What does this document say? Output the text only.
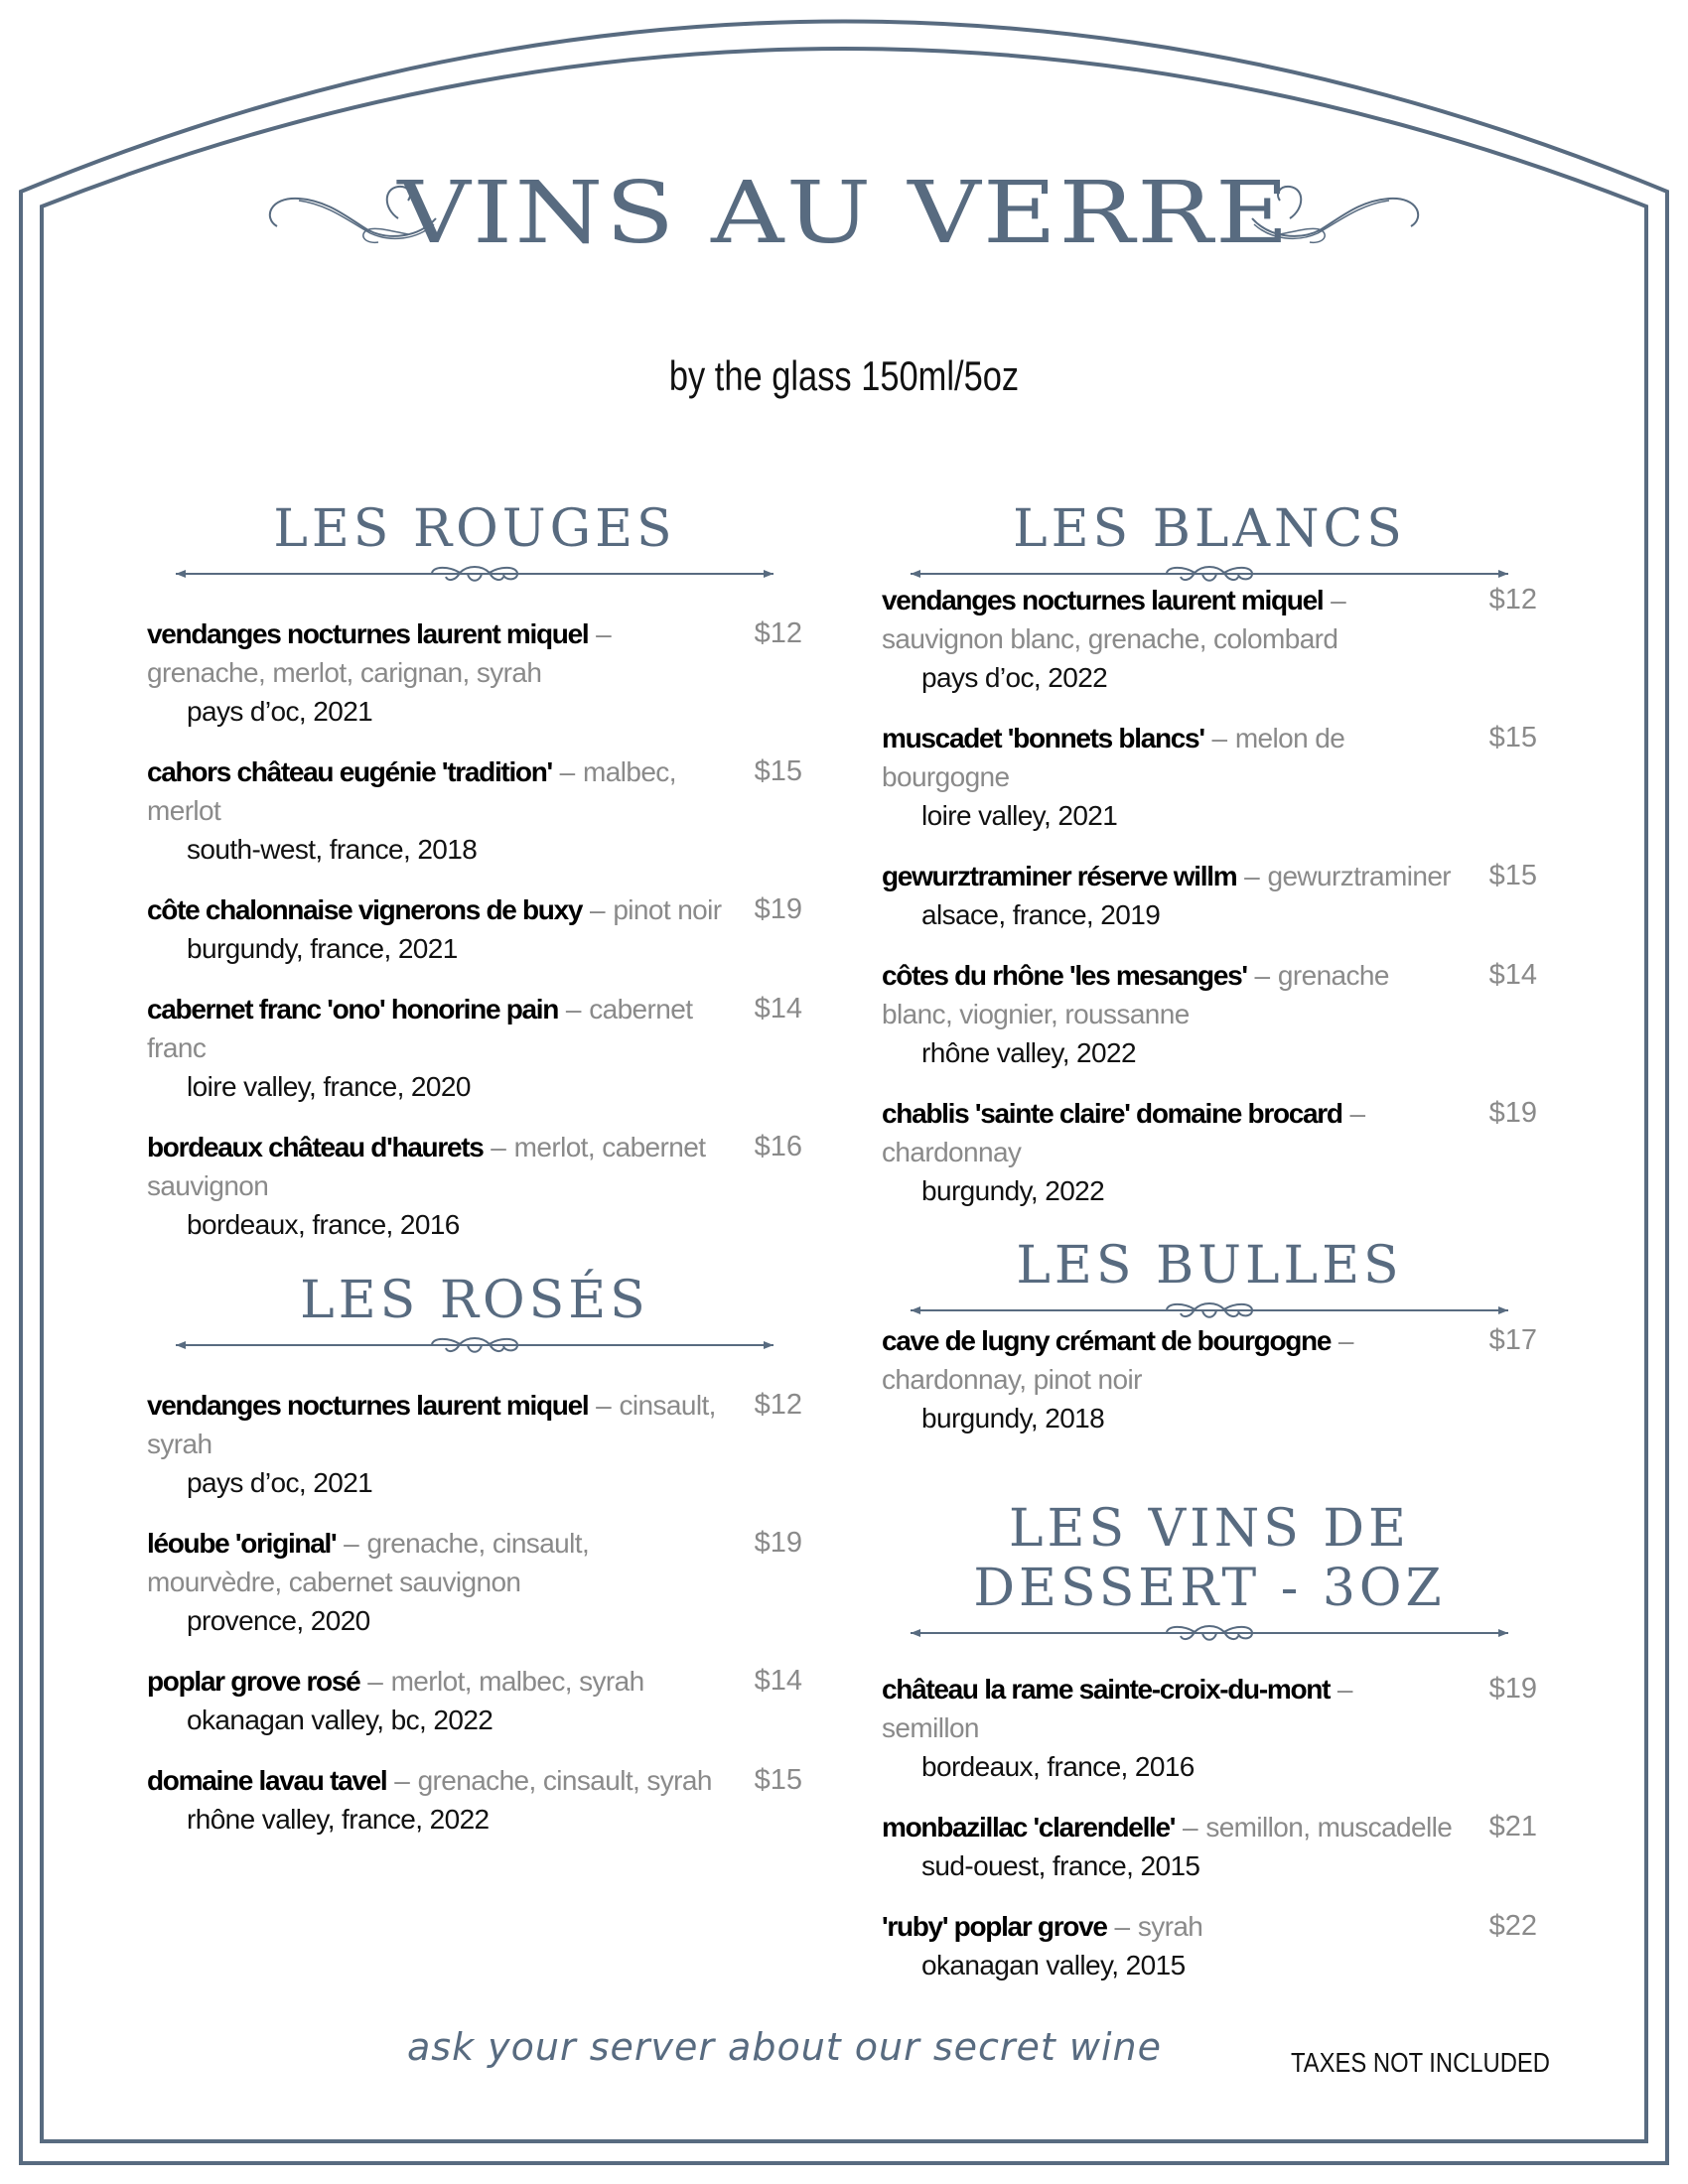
VINS AU VERRE
by the glass 150ml/5oz
LES ROUGES
vendanges nocturnes laurent miquel – grenache, merlot, carignan, syrah
pays d’oc, 2021
$12
cahors château eugénie 'tradition' – malbec, merlot
south-west, france, 2018
$15
côte chalonnaise vignerons de buxy – pinot noir
burgundy, france, 2021
$19
cabernet franc 'ono' honorine pain – cabernet franc
loire valley, france, 2020
$14
bordeaux château d'haurets – merlot, cabernet sauvignon
bordeaux, france, 2016
$16
LES BLANCS
vendanges nocturnes laurent miquel – sauvignon blanc, grenache, colombard
pays d’oc, 2022
$12
muscadet 'bonnets blancs' – melon de bourgogne
loire valley, 2021
$15
gewurztraminer réserve willm – gewurztraminer
alsace, france, 2019
$15
côtes du rhône 'les mesanges' – grenache blanc, viognier, roussanne
rhône valley, 2022
$14
chablis 'sainte claire' domaine brocard – chardonnay
burgundy, 2022
$19
LES ROSÉS
vendanges nocturnes laurent miquel – cinsault, syrah
pays d’oc, 2021
$12
léoube 'original' – grenache, cinsault, mourvèdre, cabernet sauvignon
provence, 2020
$19
poplar grove rosé – merlot, malbec, syrah
okanagan valley, bc, 2022
$14
domaine lavau tavel – grenache, cinsault, syrah
rhône valley, france, 2022
$15
LES BULLES
cave de lugny crémant de bourgogne – chardonnay, pinot noir
burgundy, 2018
$17
LES VINS DE
DESSERT - 3OZ
château la rame sainte-croix-du-mont – semillon
bordeaux, france, 2016
$19
monbazillac 'clarendelle' – semillon, muscadelle
sud-ouest, france, 2015
$21
'ruby' poplar grove – syrah
okanagan valley, 2015
$22
ask your server about our secret wine	TAXES NOT INCLUDED
